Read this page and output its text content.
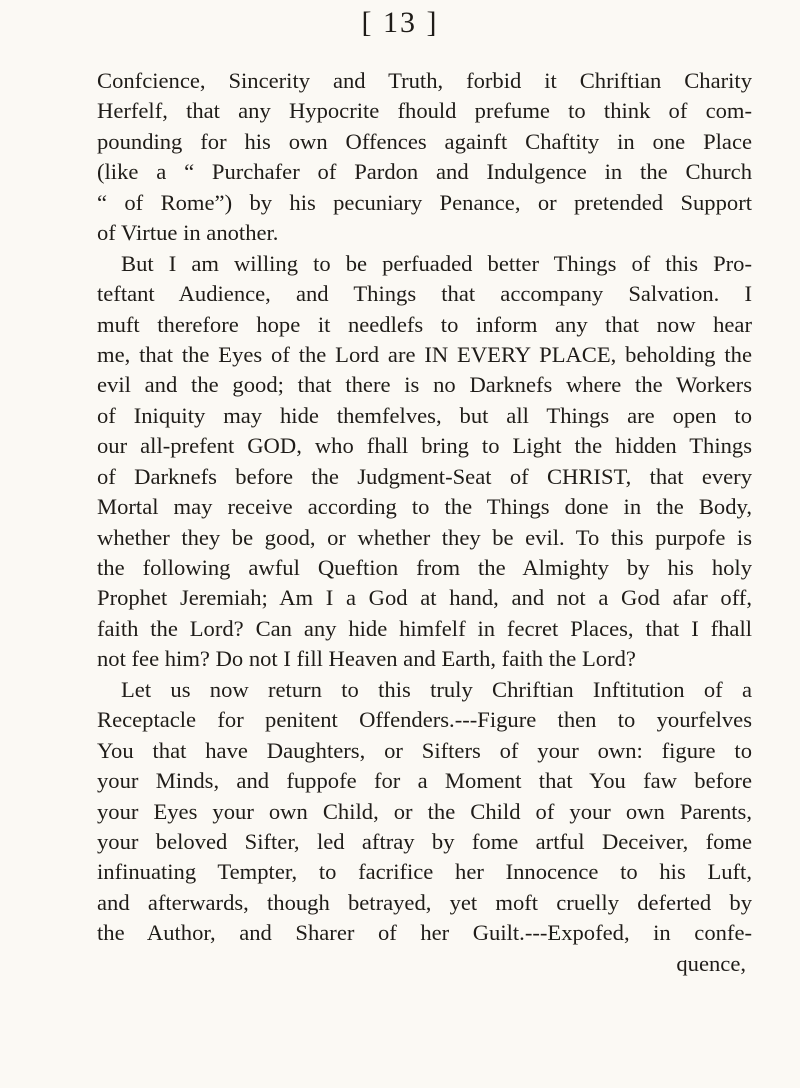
[ 13 ]
Confcience, Sincerity and Truth, forbid it Chriftian Charity
Herfelf, that any Hypocrite fhould prefume to think of com-
pounding for his own Offences againft Chaftity in one Place
(like a “ Purchafer of Pardon and Indulgence in the Church
“ of Rome”) by his pecuniary Penance, or pretended Support
of Virtue in another.
But I am willing to be perfuaded better Things of this Pro-
teftant Audience, and Things that accompany Salvation. I
muft therefore hope it needlefs to inform any that now hear
me, that the Eyes of the Lord are IN EVERY PLACE, beholding the
evil and the good; that there is no Darknefs where the Workers
of Iniquity may hide themfelves, but all Things are open to
our all-prefent GOD, who fhall bring to Light the hidden Things
of Darknefs before the Judgment-Seat of CHRIST, that every
Mortal may receive according to the Things done in the Body,
whether they be good, or whether they be evil. To this purpofe is
the following awful Queftion from the Almighty by his holy
Prophet Jeremiah; Am I a God at hand, and not a God afar off,
faith the Lord? Can any hide himfelf in fecret Places, that I fhall
not fee him? Do not I fill Heaven and Earth, faith the Lord?
Let us now return to this truly Chriftian Inftitution of a
Receptacle for penitent Offenders.---Figure then to yourfelves
You that have Daughters, or Sifters of your own: figure to
your Minds, and fuppofe for a Moment that You faw before
your Eyes your own Child, or the Child of your own Parents,
your beloved Sifter, led aftray by fome artful Deceiver, fome
infinuating Tempter, to facrifice her Innocence to his Luft,
and afterwards, though betrayed, yet moft cruelly deferted by
the Author, and Sharer of her Guilt.---Expofed, in confe-
quence,
